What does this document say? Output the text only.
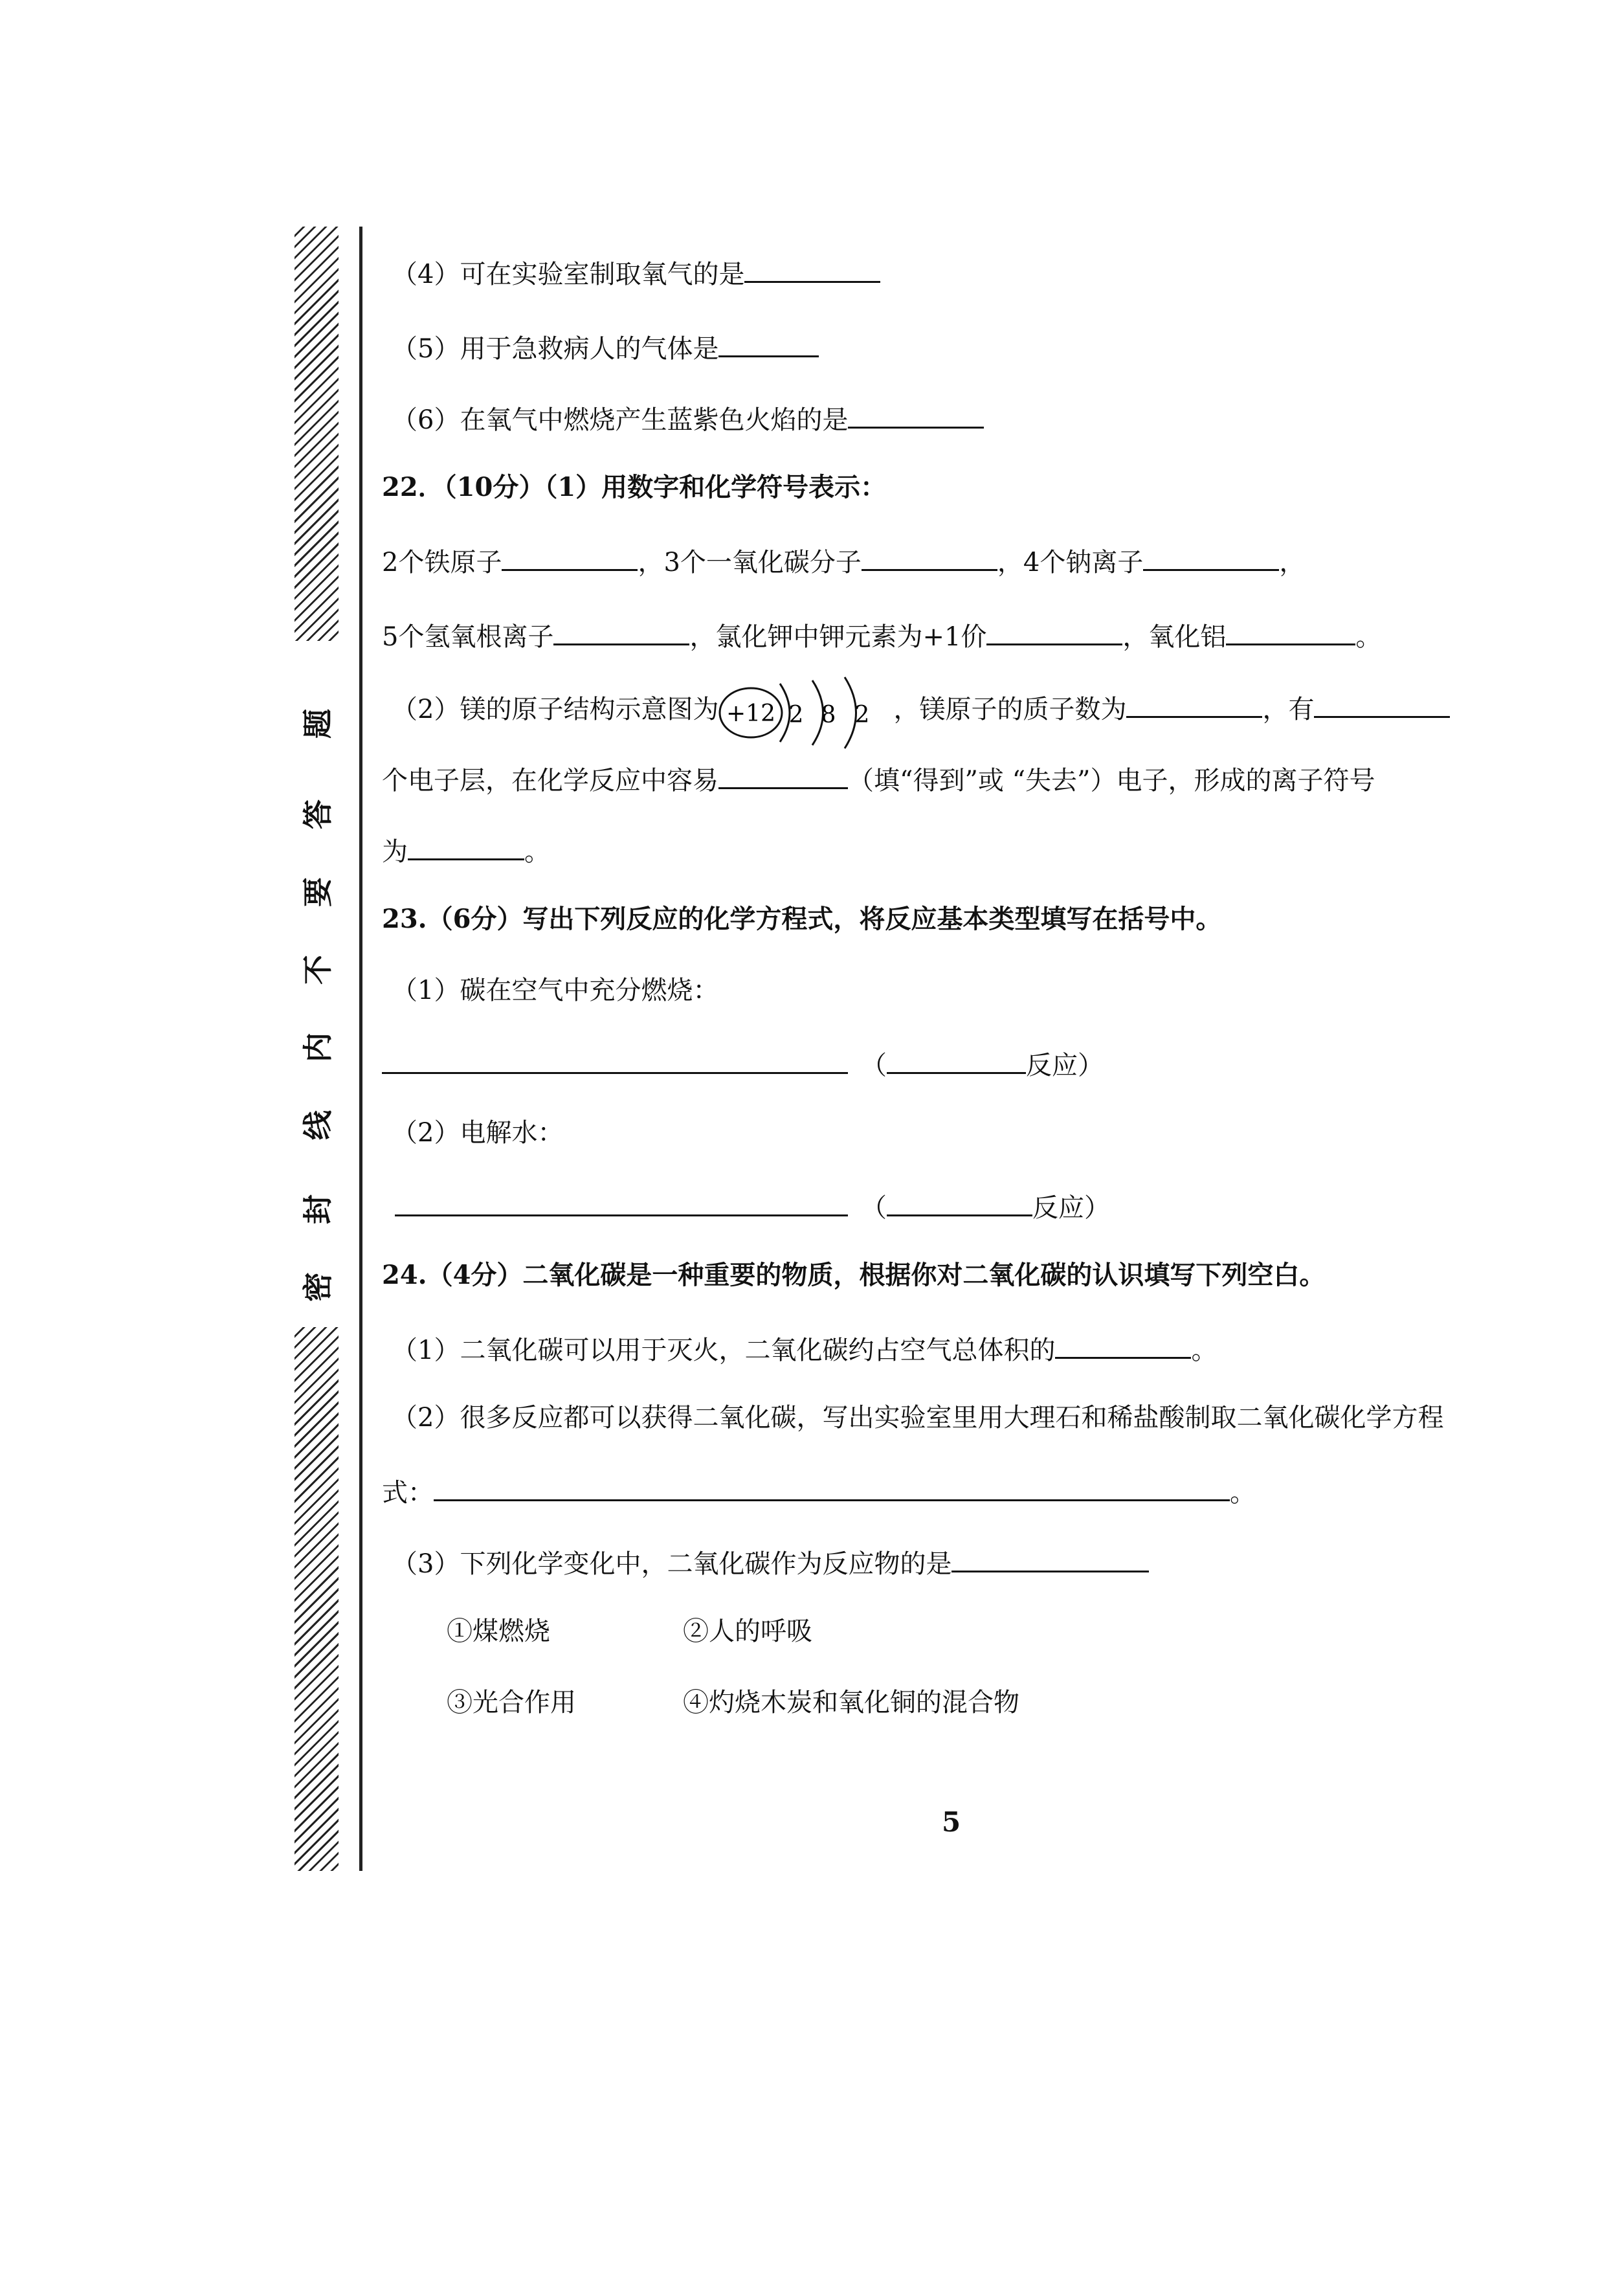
题
答
要
不
内
线
封
密
（4）可在实验室制取氧气的是
（5）用于急救病人的气体是
（6）在氧气中燃烧产生蓝紫色火焰的是
22．（10分）（1）用数字和化学符号表示：
2个铁原子	，3个一氧化碳分子	，4个钠离子	，
5个氢氧根离子	，氯化钾中钾元素为+1价	，氧化铝	。
（2）镁的原子结构示意图为 +12 2 8 2 ，镁原子的质子数为	，有
个电子层，在化学反应中容易	（填“得到”或 “失去”）电子，形成的离子符号
为	。
23.（6分）写出下列反应的化学方程式，将反应基本类型填写在括号中。
（1）碳在空气中充分燃烧：
（	反应）
（2）电解水：
（	反应）
24.（4分）二氧化碳是一种重要的物质，根据你对二氧化碳的认识填写下列空白。
（1）二氧化碳可以用于灭火，二氧化碳约占空气总体积的	。
（2）很多反应都可以获得二氧化碳，写出实验室里用大理石和稀盐酸制取二氧化碳化学方程
式：	。
（3）下列化学变化中，二氧化碳作为反应物的是
①煤燃烧	②人的呼吸
③光合作用	④灼烧木炭和氧化铜的混合物
5
